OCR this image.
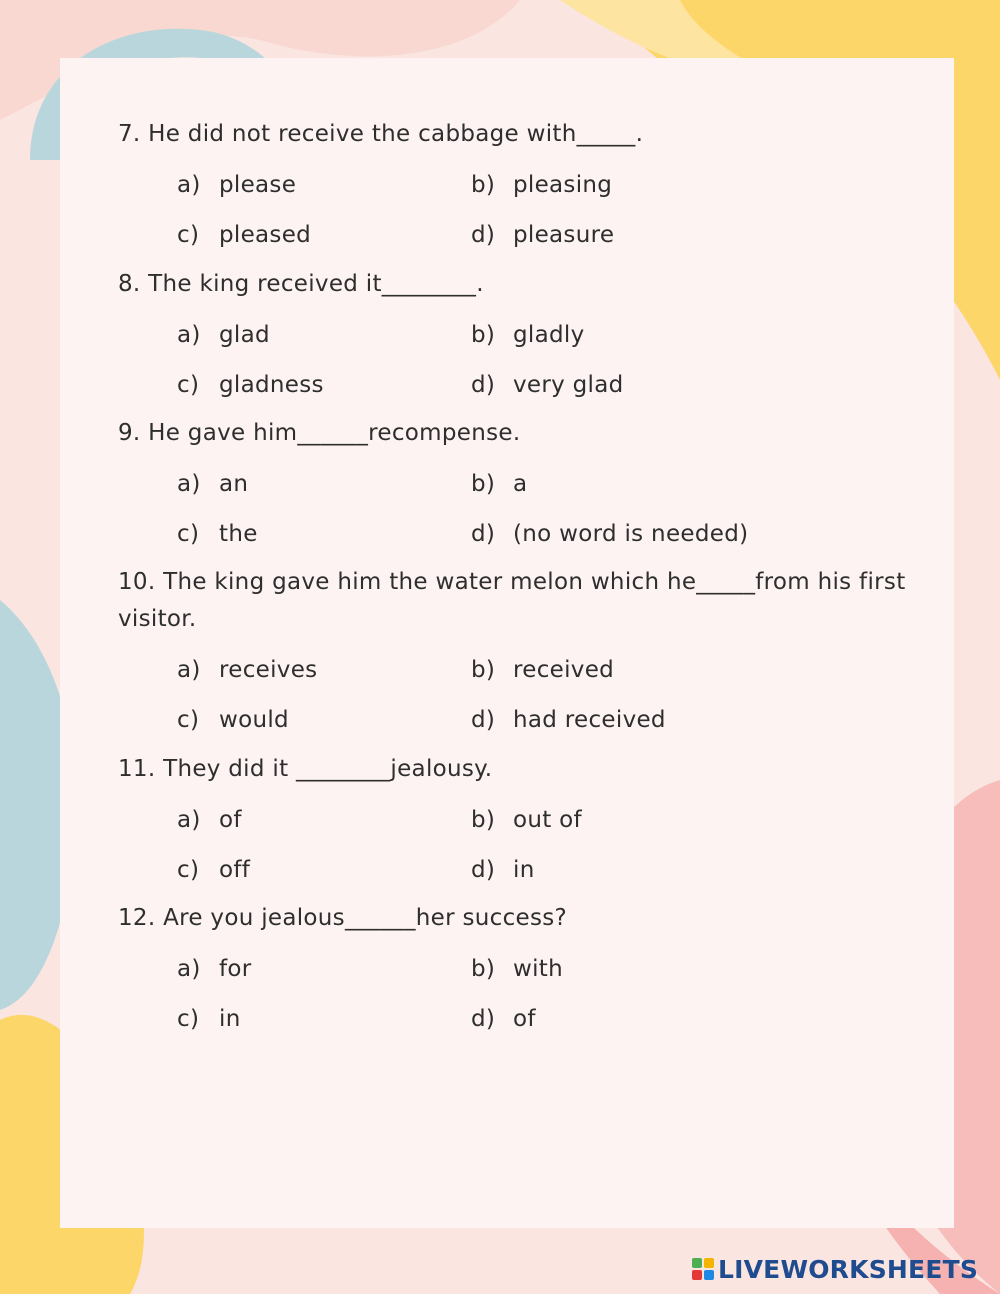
7. He did not receive the cabbage with_____.
a) please	b) pleasing
c) pleased	d) pleasure
8. The king received it________.
a) glad	b) gladly
c) gladness	d) very glad
9. He gave him______recompense.
a) an	b) a
c) the	d) (no word is needed)
10. The king gave him the water melon which he_____from his first visitor.
a) receives	b) received
c) would	d) had received
11. They did it ________jealousy.
a) of	b) out of
c) off	d) in
12. Are you jealous______her success?
a) for	b) with
c) in	d) of
LIVEWORKSHEETS
